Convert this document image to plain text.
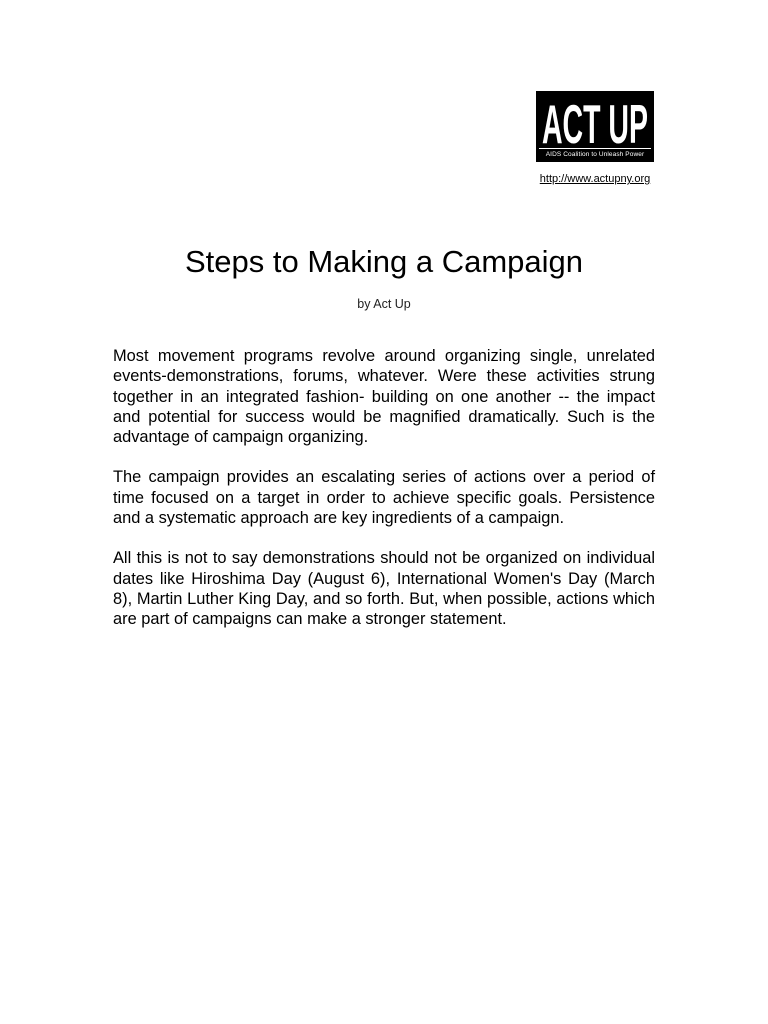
ACT UP
AIDS Coalition to Unleash Power
http://www.actupny.org
Steps to Making a Campaign
by Act Up

Most movement programs revolve around organizing single, unrelated events-demonstrations, forums, whatever. Were these activities strung together in an integrated fashion- building on one another -- the impact and potential for success would be magnified dramatically. Such is the advantage of campaign organizing.

The campaign provides an escalating series of actions over a period of time focused on a target in order to achieve specific goals. Persistence and a systematic approach are key ingredients of a campaign.

All this is not to say demonstrations should not be organized on individual dates like Hiroshima Day (August 6), International Women's Day (March 8), Martin Luther King Day, and so forth. But, when possible, actions which are part of campaigns can make a stronger statement.
